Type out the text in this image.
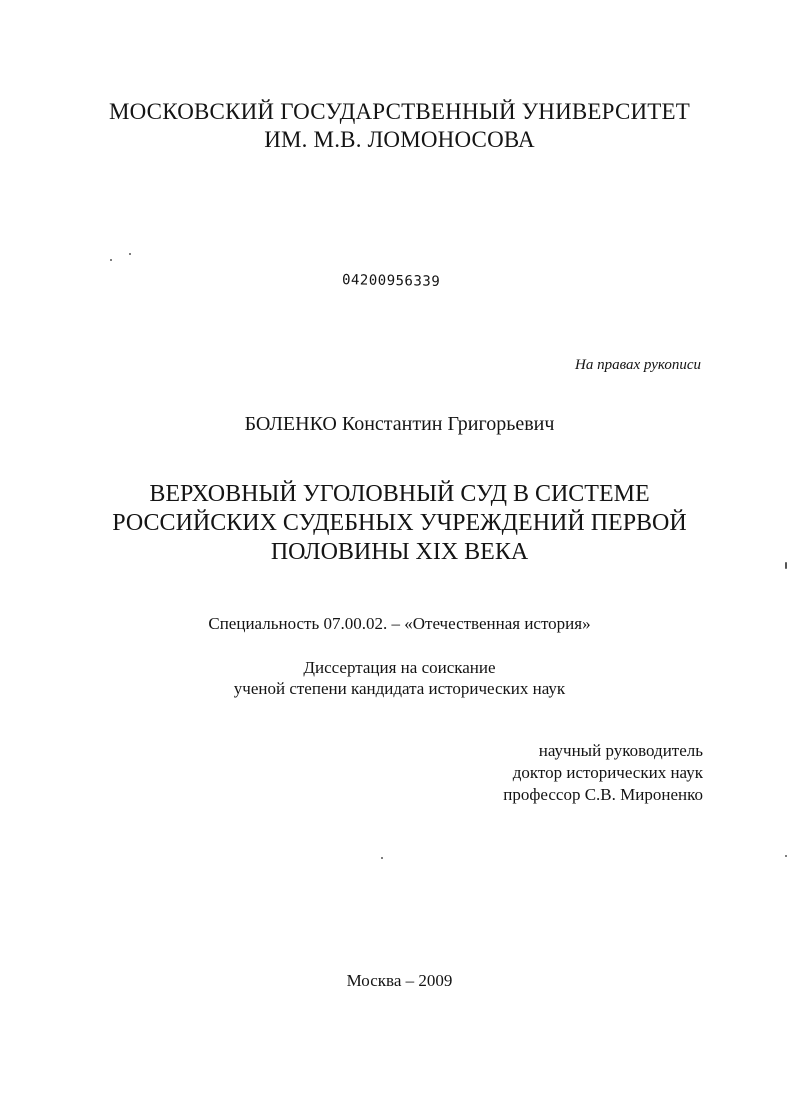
МОСКОВСКИЙ ГОСУДАРСТВЕННЫЙ УНИВЕРСИТЕТ
ИМ. М.В. ЛОМОНОСОВА
04200956339
На правах рукописи
БОЛЕНКО Константин Григорьевич
ВЕРХОВНЫЙ УГОЛОВНЫЙ СУД В СИСТЕМЕ
РОССИЙСКИХ СУДЕБНЫХ УЧРЕЖДЕНИЙ ПЕРВОЙ
ПОЛОВИНЫ XIX ВЕКА
Специальность 07.00.02. – «Отечественная история»
Диссертация на соискание
ученой степени кандидата исторических наук
научный руководитель
доктор исторических наук
профессор С.В. Мироненко
Москва – 2009
